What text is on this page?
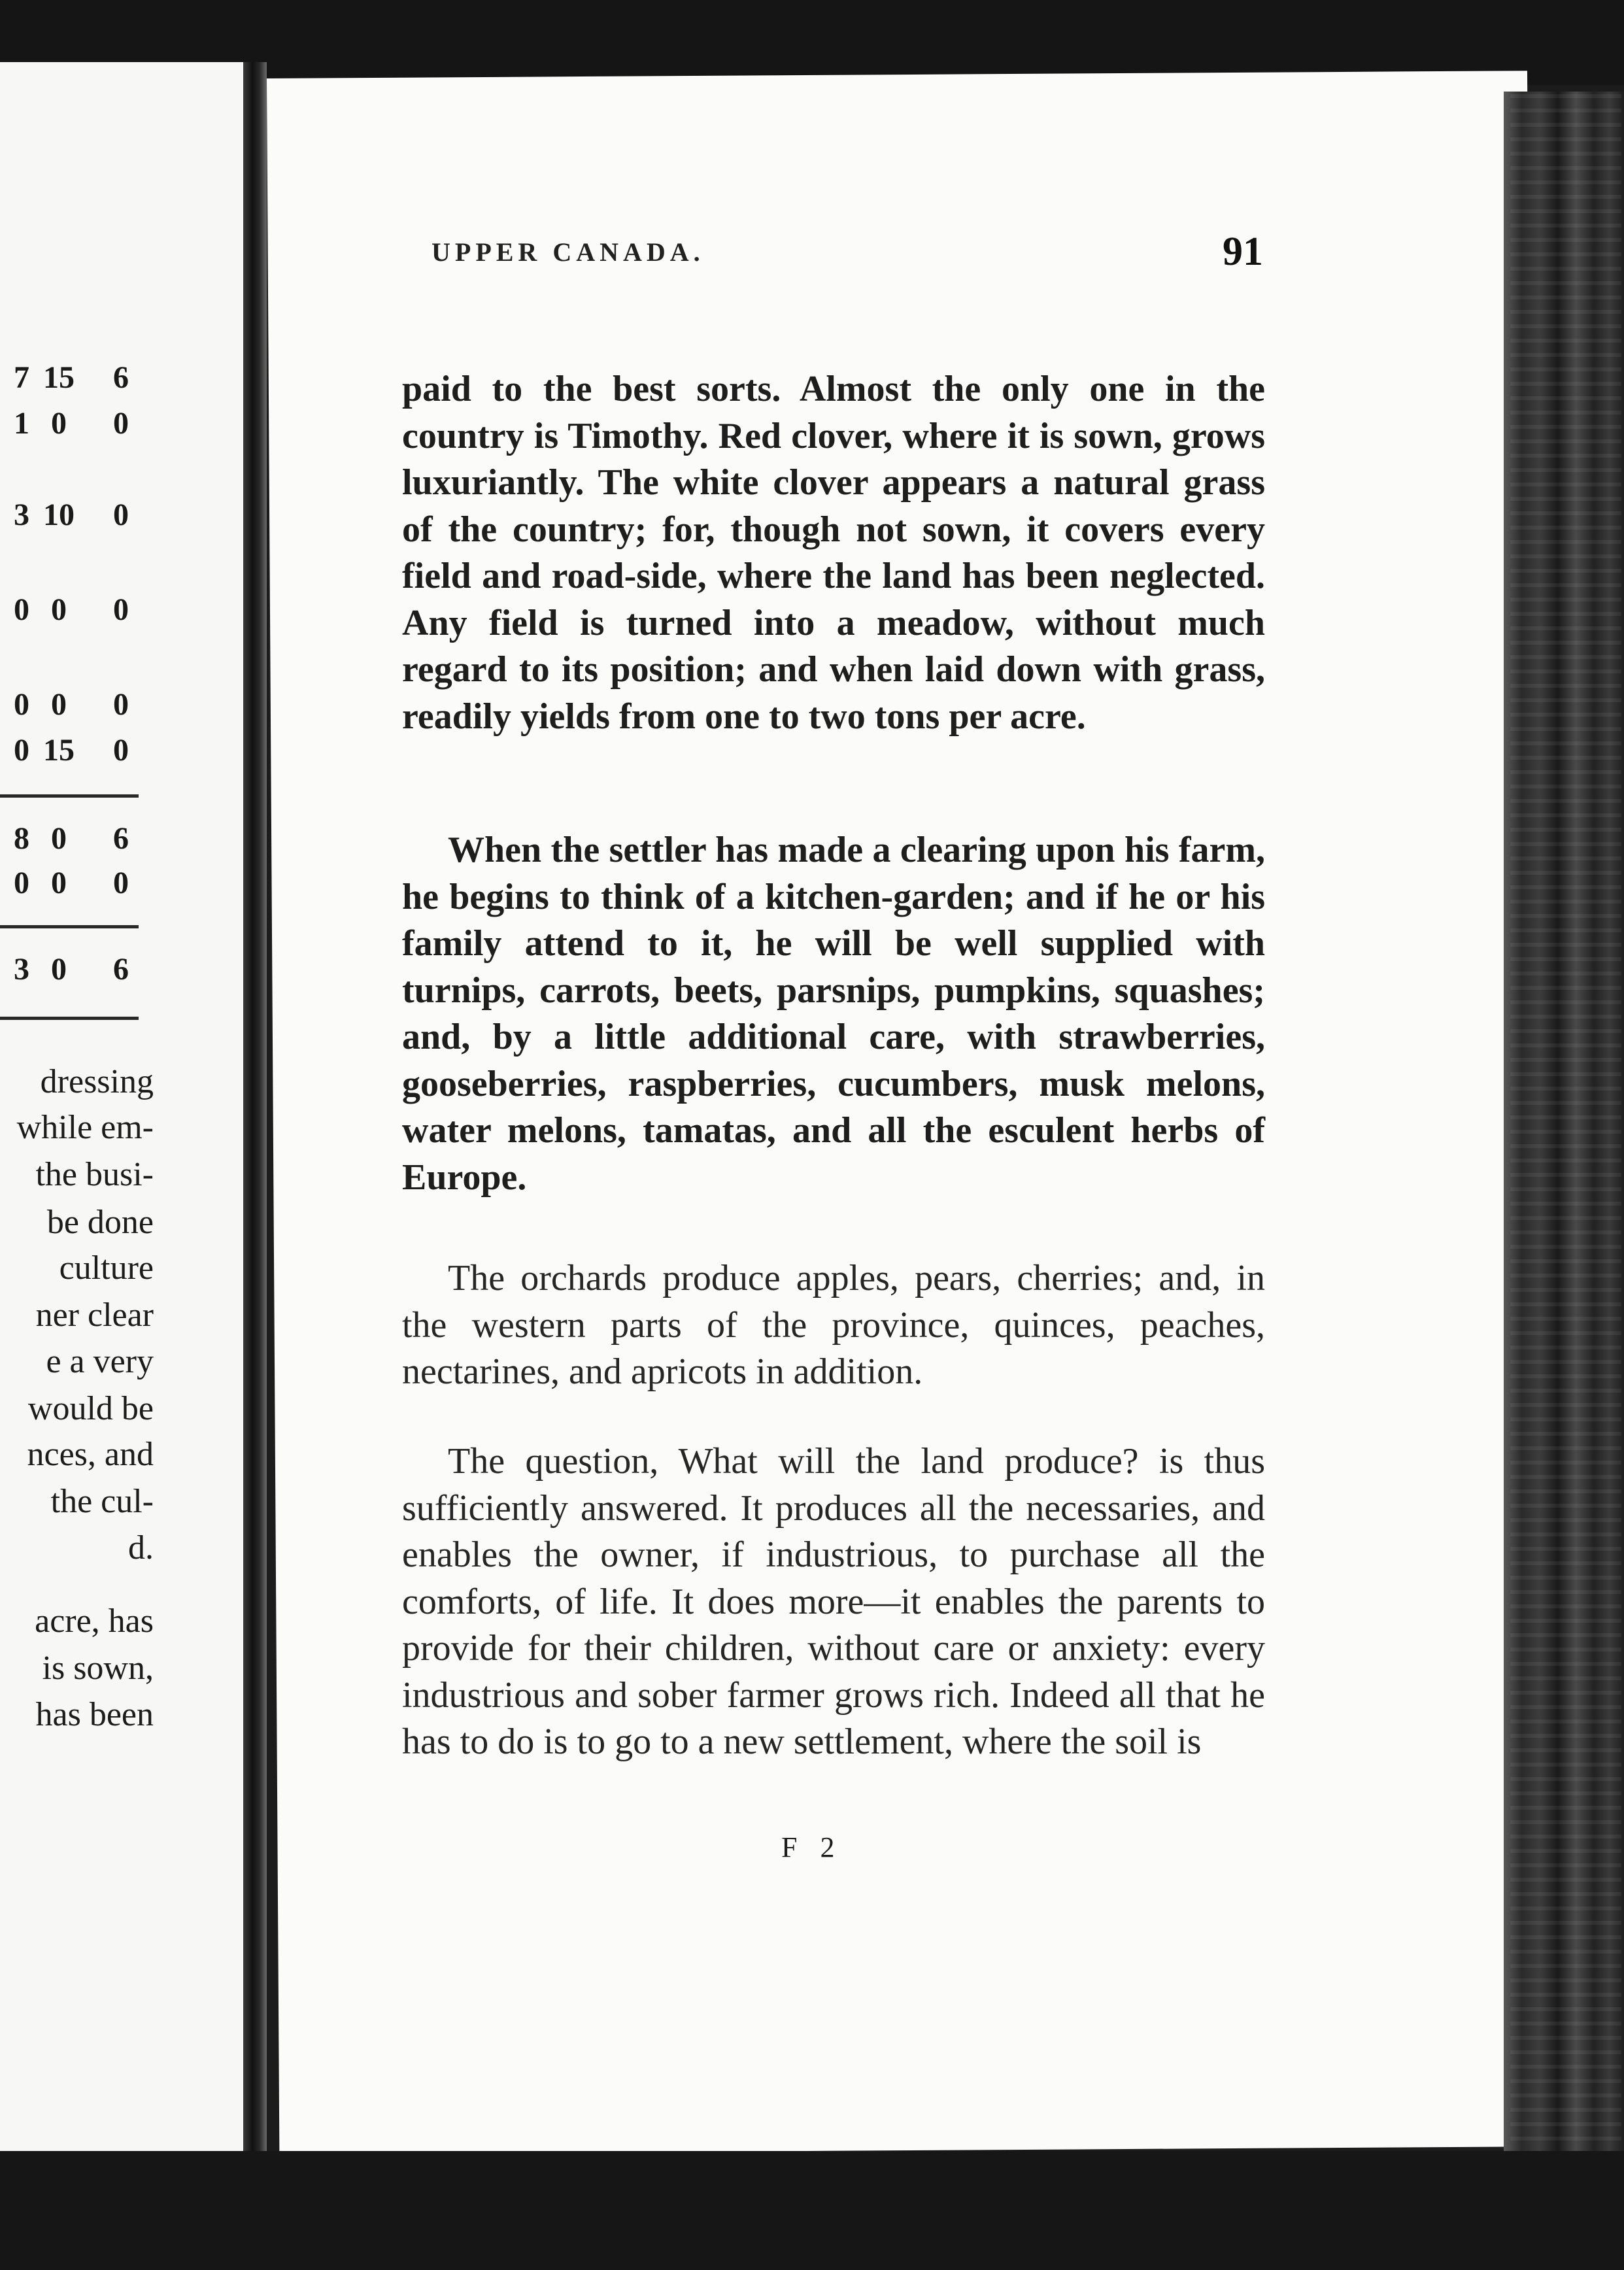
7 15	6
1 0	0
3 10	0
0 0	0
0 0	0
0 15	0
8 0	6
0 0	0
3 0	6
dressing
while em-
the busi-
be done
culture
ner clear
e a very
would be
nces, and
the cul-
d.
acre, has
is sown,
has been
UPPER CANADA.	91

paid to the best sorts. Almost the only one in the country is Timothy. Red clover, where it is sown, grows luxuriantly. The white clover appears a natural grass of the country; for, though not sown, it covers every field and road-side, where the land has been neglected. Any field is turned into a meadow, without much regard to its position; and when laid down with grass, readily yields from one to two tons per acre.

When the settler has made a clearing upon his farm, he begins to think of a kitchen-garden; and if he or his family attend to it, he will be well supplied with turnips, carrots, beets, parsnips, pumpkins, squashes; and, by a little additional care, with strawberries, gooseberries, raspberries, cucumbers, musk melons, water melons, tamatas, and all the esculent herbs of Europe.

The orchards produce apples, pears, cherries; and, in the western parts of the province, quinces, peaches, nectarines, and apricots in addition.

The question, What will the land produce? is thus sufficiently answered. It produces all the necessaries, and enables the owner, if industrious, to purchase all the comforts, of life. It does more—it enables the parents to provide for their children, without care or anxiety: every industrious and sober farmer grows rich. Indeed all that he has to do is to go to a new settlement, where the soil is

F 2
